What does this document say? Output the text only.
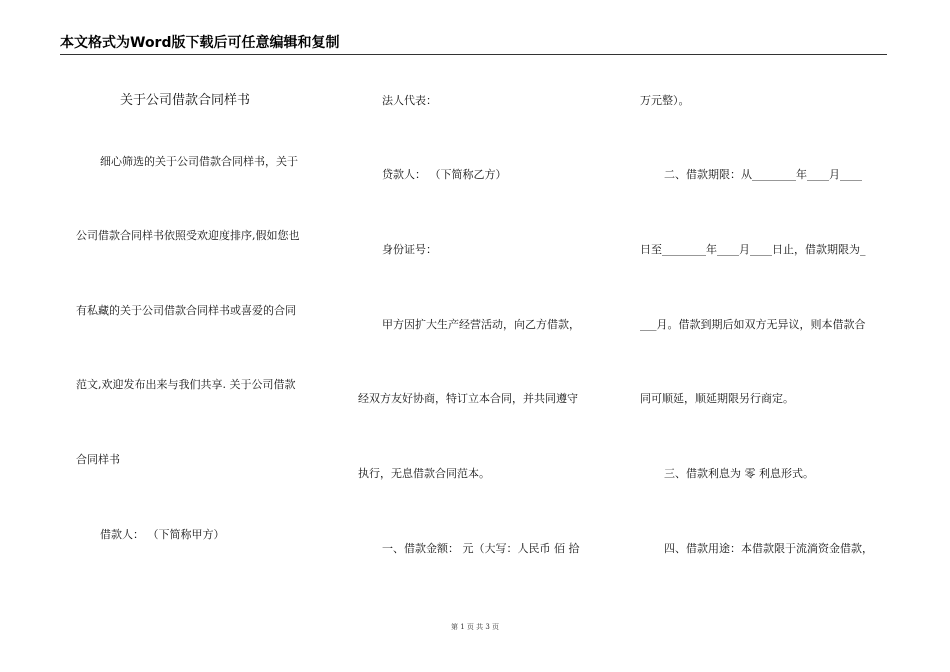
本文格式为Word版下载后可任意编辑和复制
关于公司借款合同样书
细心筛选的关于公司借款合同样书，关于
公司借款合同样书依照受欢迎度排序,假如您也
有私藏的关于公司借款合同样书或喜爱的合同
范文,欢迎发布出来与我们共享. 关于公司借款
合同样书
借款人： （下简称甲方）
法人代表：
贷款人： （下简称乙方）
身份证号：
甲方因扩大生产经营活动，向乙方借款，
经双方友好协商，特订立本合同，并共同遵守
执行，无息借款合同范本。
一、借款金额： 元（大写：人民币 佰 拾
万元整）。
二、借款期限：从________年____月____
日至________年____月____日止，借款期限为_
___月。借款到期后如双方无异议，则本借款合
同可顺延，顺延期限另行商定。
三、借款利息为 零 利息形式。
四、借款用途：本借款限于流淌资金借款，
第 1 页 共 3 页
